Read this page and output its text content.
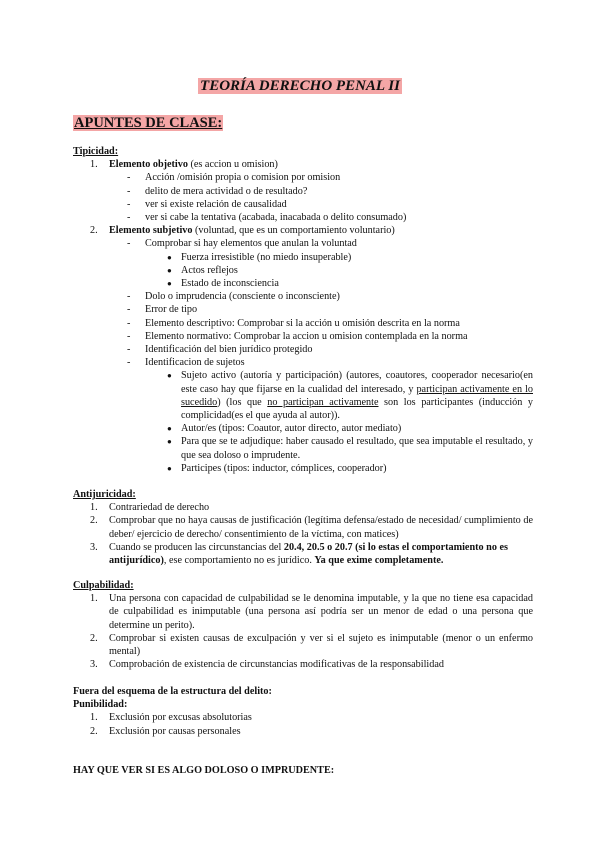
TEORÍA DERECHO PENAL II
APUNTES DE CLASE:
Tipicidad:
1. Elemento objetivo (es accion u omision)
- Acción /omisión propia o comision por omision
- delito de mera actividad o de resultado?
- ver si existe relación de causalidad
- ver si cabe la tentativa (acabada, inacabada o delito consumado)
2. Elemento subjetivo (voluntad, que es un comportamiento voluntario)
- Comprobar si hay elementos que anulan la voluntad
● Fuerza irresistible (no miedo insuperable)
● Actos reflejos
● Estado de inconsciencia
- Dolo o imprudencia (consciente o inconsciente)
- Error de tipo
- Elemento descriptivo: Comprobar si la acción u omisión descrita en la norma
- Elemento normativo: Comprobar la accion u omision contemplada en la norma
- Identificación del bien jurídico protegido
- Identificacion de sujetos
● Sujeto activo (autoría y participación) (autores, coautores, cooperador necesario(en este caso hay que fijarse en la cualidad del interesado, y participan activamente en lo sucedido) (los que no participan activamente son los participantes (inducción y complicidad(es el que ayuda al autor)).
● Autor/es (tipos: Coautor, autor directo, autor mediato)
● Para que se te adjudique: haber causado el resultado, que sea imputable el resultado, y que sea doloso o imprudente.
● Participes (tipos: inductor, cómplices, cooperador)
Antijuricidad:
1. Contrariedad de derecho
2. Comprobar que no haya causas de justificación (legítima defensa/estado de necesidad/ cumplimiento de deber/ ejercicio de derecho/ consentimiento de la víctima, con matices)
3. Cuando se producen las circunstancias del 20.4, 20.5 o 20.7 (si lo estas el comportamiento no es antijurídico), ese comportamiento no es jurídico. Ya que exime completamente.
Culpabilidad:
1. Una persona con capacidad de culpabilidad se le denomina imputable, y la que no tiene esa capacidad de culpabilidad es inimputable (una persona así podría ser un menor de edad o una persona que determine un perito).
2. Comprobar si existen causas de exculpación y ver si el sujeto es inimputable (menor o un enfermo mental)
3. Comprobación de existencia de circunstancias modificativas de la responsabilidad
Fuera del esquema de la estructura del delito:
Punibilidad:
1. Exclusión por excusas absolutorias
2. Exclusión por causas personales
HAY QUE VER SI ES ALGO DOLOSO O IMPRUDENTE:
